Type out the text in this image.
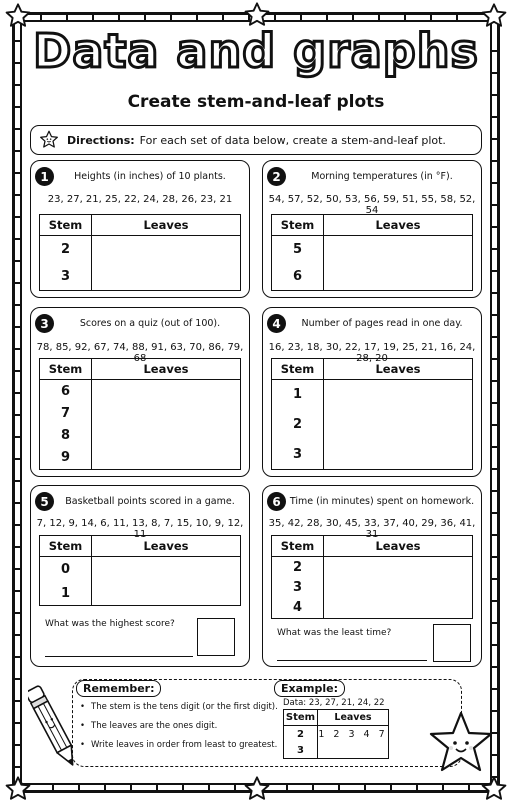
Data and graphs
Create stem-and-leaf plots
Directions: For each set of data below, create a stem-and-leaf plot.
1	Heights (in inches) of 10 plants.
23, 27, 21, 25, 22, 24, 28, 26, 23, 21
Stem	Leaves
2
3
2	Morning temperatures (in °F).
54, 57, 52, 50, 53, 56, 59, 51, 55, 58, 52, 54
Stem	Leaves
5
6
3	Scores on a quiz (out of 100).
78, 85, 92, 67, 74, 88, 91, 63, 70, 86, 79, 68
Stem	Leaves
6
7
8
9
4	Number of pages read in one day.
16, 23, 18, 30, 22, 17, 19, 25, 21, 16, 24, 28, 20
Stem	Leaves
1
2
3
5	Basketball points scored in a game.
7, 12, 9, 14, 6, 11, 13, 8, 7, 15, 10, 9, 12, 11
Stem	Leaves
0
1
What was the highest score?
6 Time (in minutes) spent on homework.
35, 42, 28, 30, 45, 33, 37, 40, 29, 36, 41, 31
Stem	Leaves
2
3
4
What was the least time?
Remember:
• The stem is the tens digit (or the first digit).
• The leaves are the ones digit.
• Write leaves in order from least to greatest.
Example:
Data: 23, 27, 21, 24, 22
Stem	Leaves
2	1 2 3 4 7
3
